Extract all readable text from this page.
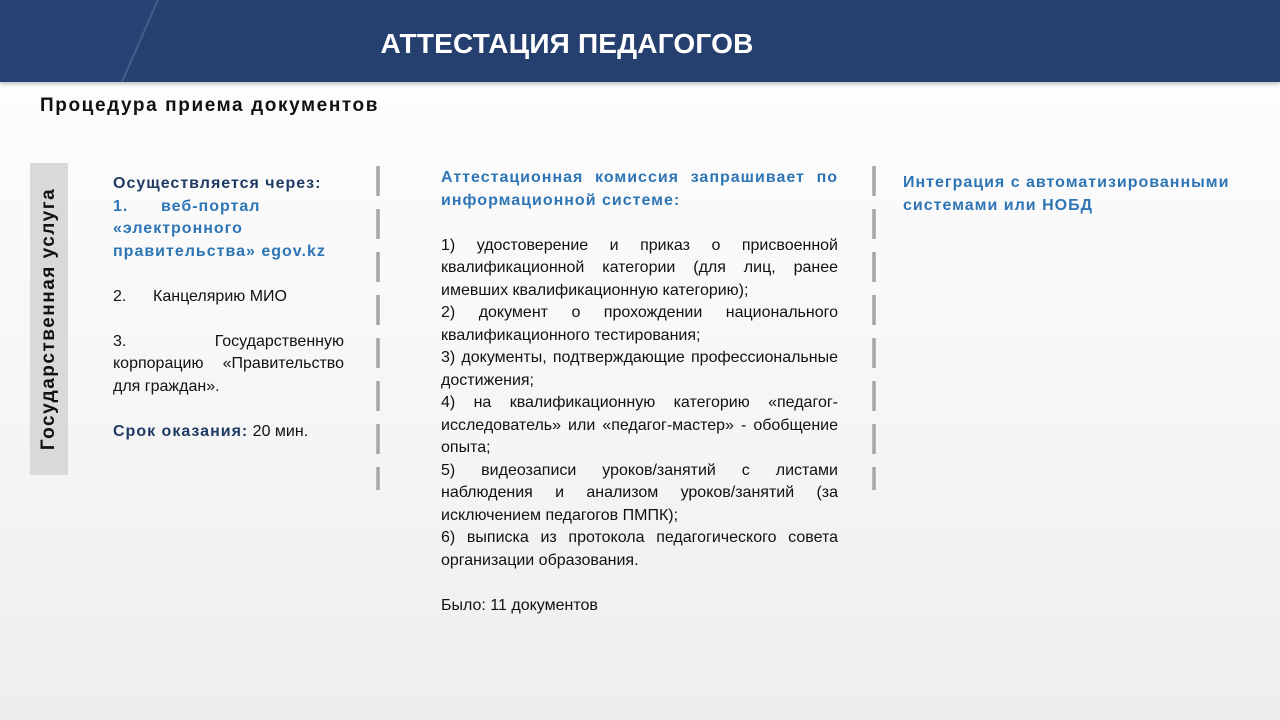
АТТЕСТАЦИЯ ПЕДАГОГОВ
Процедура приема документов
Государственная услуга

Осуществляется через:

1.      веб-портал «электронного правительства» egov.kz

2.      Канцелярию МИО

3.      Государственную корпорацию «Правительство для граждан».

Срок оказания: 20 мин.

Аттестационная комиссия запрашивает по информационной системе:

1) удостоверение и приказ о присвоенной квалификационной категории (для лиц, ранее имевших квалификационную категорию);

2) документ о прохождении национального квалификационного тестирования;

3) документы, подтверждающие профессиональные достижения;

4) на квалификационную категорию «педагог-исследователь» или «педагог-мастер» - обобщение опыта;

5) видеозаписи уроков/занятий с листами наблюдения и анализом уроков/занятий (за исключением педагогов ПМПК);

6) выписка из протокола педагогического совета организации образования.

Было: 11 документов

Интеграция с автоматизированными системами или НОБД
